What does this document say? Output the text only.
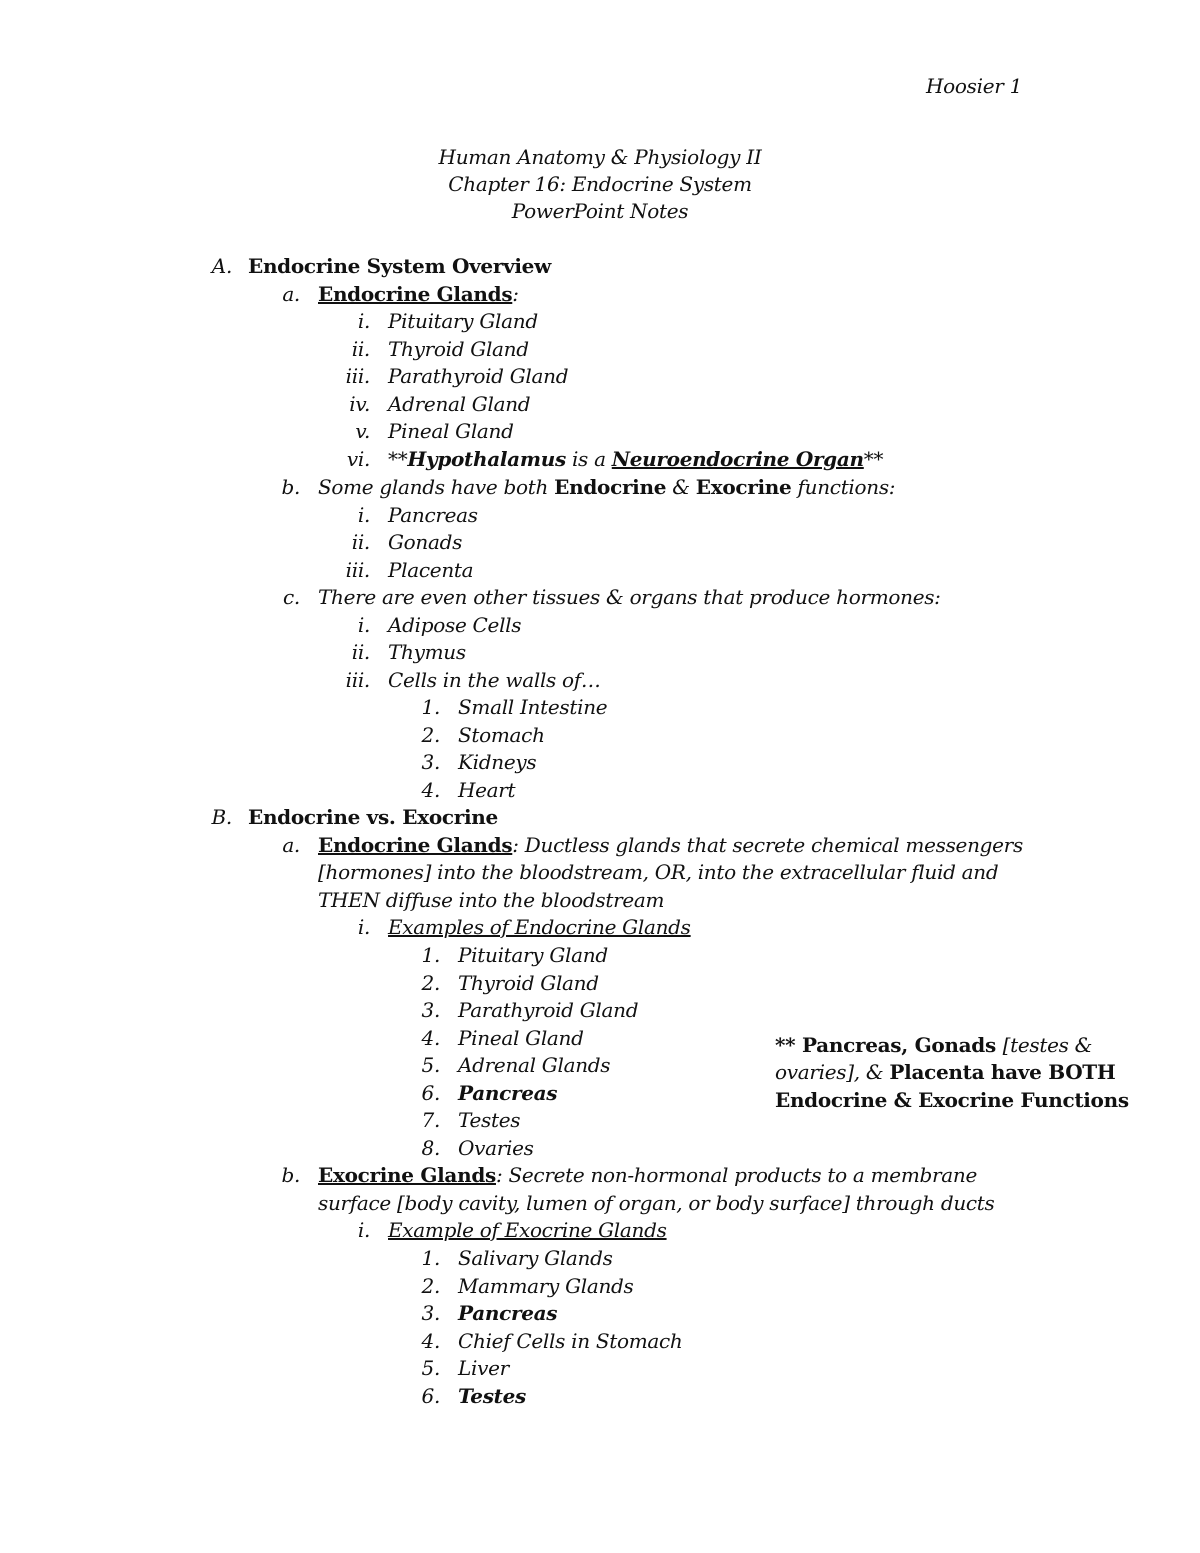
Hoosier 1
Human Anatomy & Physiology II
Chapter 16: Endocrine System
PowerPoint Notes
A. Endocrine System Overview
a. Endocrine Glands:
i. Pituitary Gland
ii. Thyroid Gland
iii. Parathyroid Gland
iv. Adrenal Gland
v. Pineal Gland
vi. **Hypothalamus is a Neuroendocrine Organ**
b. Some glands have both Endocrine & Exocrine functions:
i. Pancreas
ii. Gonads
iii. Placenta
c. There are even other tissues & organs that produce hormones:
i. Adipose Cells
ii. Thymus
iii. Cells in the walls of…
1. Small Intestine
2. Stomach
3. Kidneys
4. Heart
B. Endocrine vs. Exocrine
a. Endocrine Glands: Ductless glands that secrete chemical messengers
[hormones] into the bloodstream, OR, into the extracellular fluid and
THEN diffuse into the bloodstream
i. Examples of Endocrine Glands
1. Pituitary Gland
2. Thyroid Gland
3. Parathyroid Gland
4. Pineal Gland
5. Adrenal Glands
6. Pancreas
7. Testes
8. Ovaries
b. Exocrine Glands: Secrete non-hormonal products to a membrane
surface [body cavity, lumen of organ, or body surface] through ducts
i. Example of Exocrine Glands
1. Salivary Glands
2. Mammary Glands
3. Pancreas
4. Chief Cells in Stomach
5. Liver
6. Testes
** Pancreas, Gonads [testes &
ovaries], & Placenta have BOTH
Endocrine & Exocrine Functions
